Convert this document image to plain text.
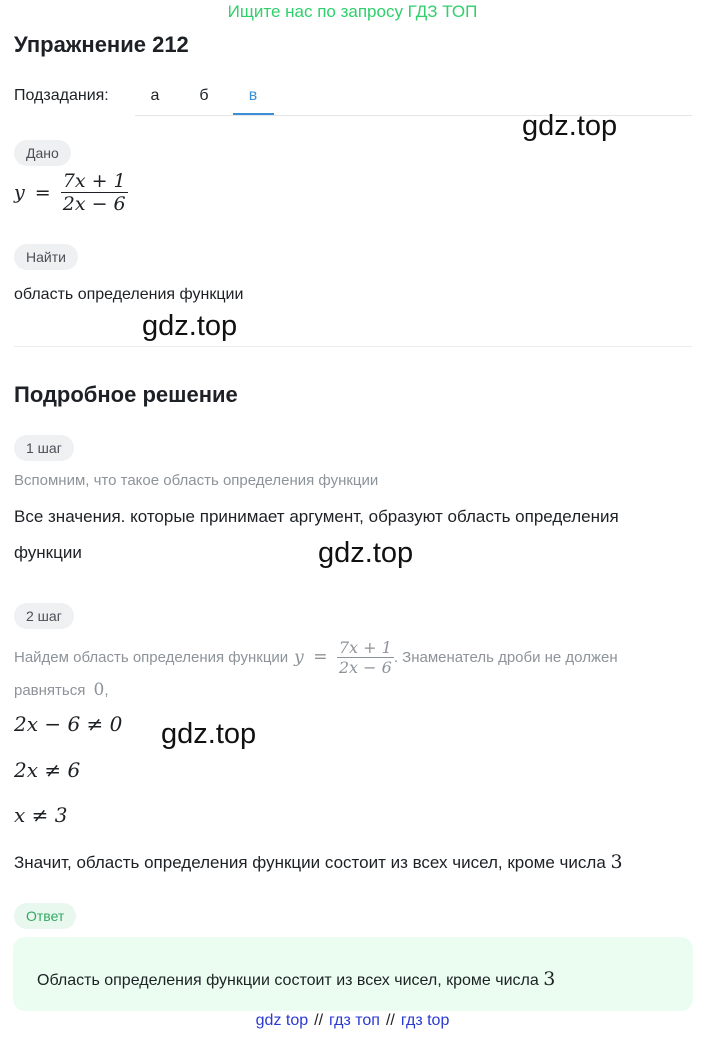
Ищите нас по запросу ГДЗ ТОП
Упражнение 212
Подзадания:	а	б	в
gdz.top
Дано
$y = \frac{7x + 1}{2x - 6}$
Найти
область определения функции
gdz.top
Подробное решение
1 шаг
Вспомним, что такое область определения функции
Все значения. которые принимает аргумент, образуют область определения
функции	gdz.top
2 шаг
Найдем область определения функции $y = \frac{7x + 1}{2x - 6}$ . Знаменатель дроби не должен
равняться 0,
2x − 6 ≠ 0 gdz.top
2x ≠ 6
x ≠ 3
Значит, область определения функции состоит из всех чисел, кроме числа 3
Ответ
Область определения функции состоит из всех чисел, кроме числа 3
gdz top // гдз топ // гдз top
